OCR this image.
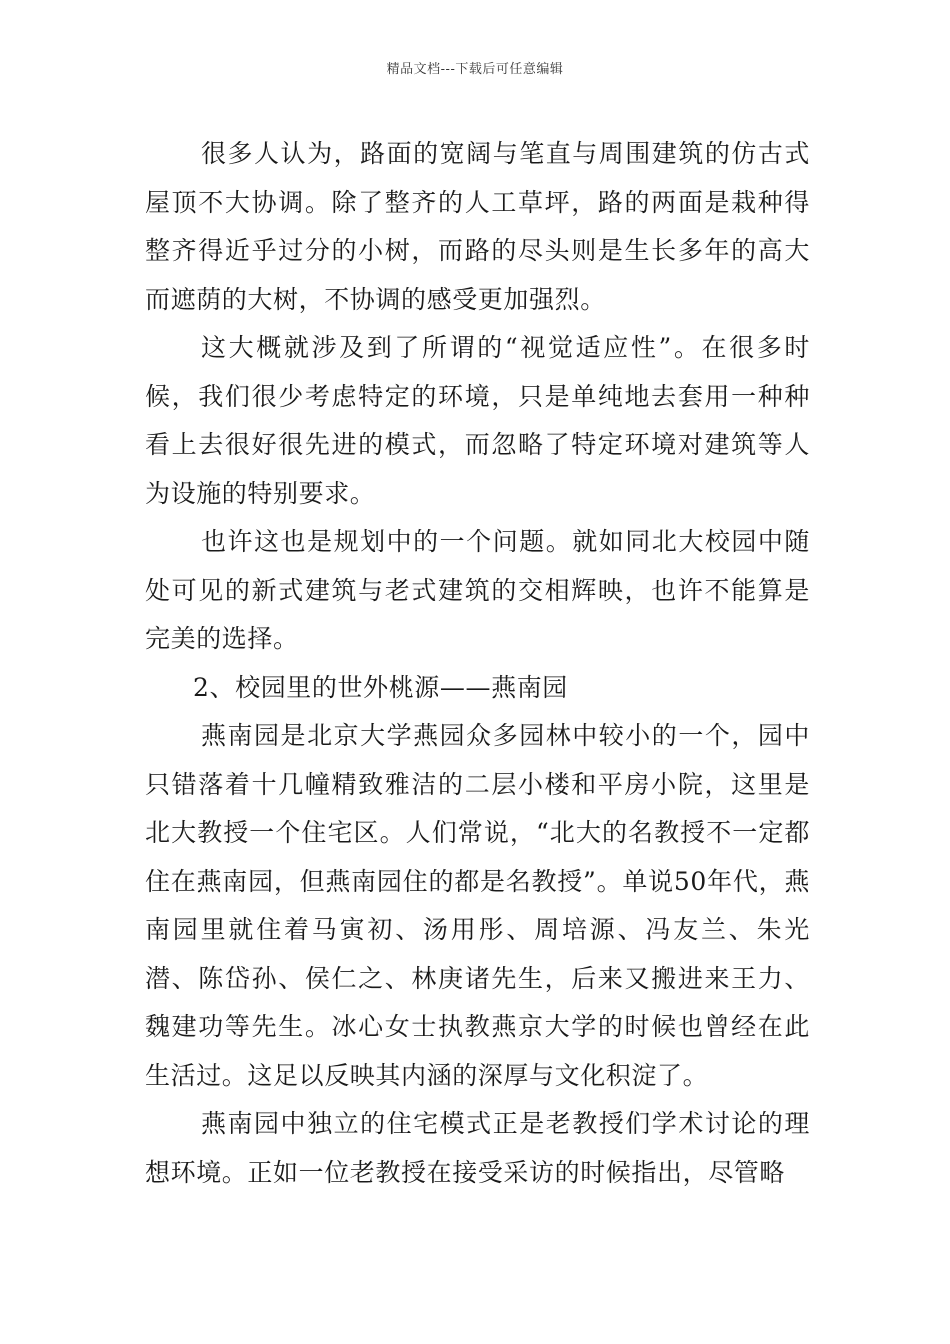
精品文档---下载后可任意编辑

很多人认为，路面的宽阔与笔直与周围建筑的仿古式屋顶不大协调。除了整齐的人工草坪，路的两面是栽种得整齐得近乎过分的小树，而路的尽头则是生长多年的高大而遮荫的大树，不协调的感受更加强烈。

这大概就涉及到了所谓的“视觉适应性”。在很多时候，我们很少考虑特定的环境，只是单纯地去套用一种种看上去很好很先进的模式，而忽略了特定环境对建筑等人为设施的特别要求。

也许这也是规划中的一个问题。就如同北大校园中随处可见的新式建筑与老式建筑的交相辉映，也许不能算是完美的选择。

2、校园里的世外桃源——燕南园

燕南园是北京大学燕园众多园林中较小的一个，园中只错落着十几幢精致雅洁的二层小楼和平房小院，这里是北大教授一个住宅区。人们常说，“北大的名教授不一定都住在燕南园，但燕南园住的都是名教授”。单说50年代，燕南园里就住着马寅初、汤用彤、周培源、冯友兰、朱光潜、陈岱孙、侯仁之、林庚诸先生，后来又搬进来王力、魏建功等先生。冰心女士执教燕京大学的时候也曾经在此生活过。这足以反映其内涵的深厚与文化积淀了。

燕南园中独立的住宅模式正是老教授们学术讨论的理想环境。正如一位老教授在接受采访的时候指出，尽管略
